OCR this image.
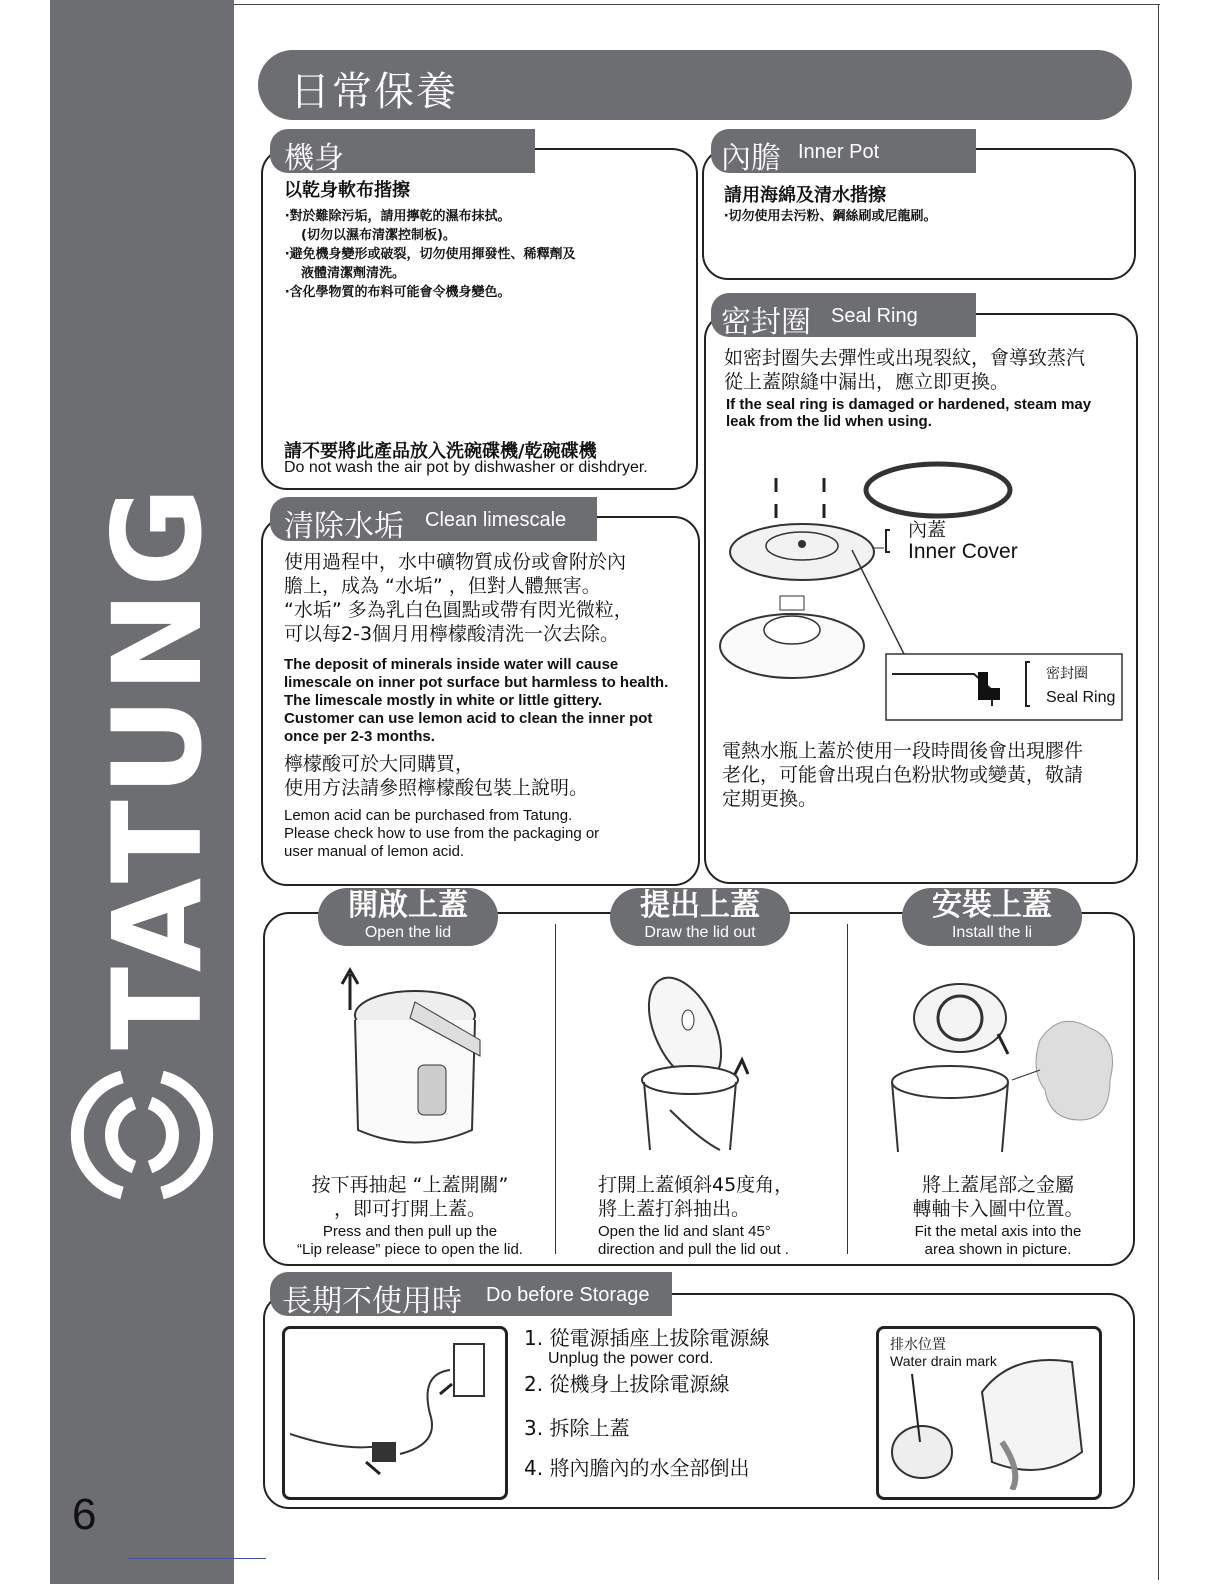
TATUNG
6
日常保養
機身
以乾身軟布揩擦
‧對於難除污垢，請用擰乾的濕布抹拭。
(切勿以濕布清潔控制板)。
‧避免機身變形或破裂，切勿使用揮發性、稀釋劑及
液體清潔劑清洗。
‧含化學物質的布料可能會令機身變色。
請不要將此產品放入洗碗碟機/乾碗碟機
Do not wash the air pot by dishwasher or dishdryer.
內膽 Inner Pot
請用海綿及清水揩擦
‧切勿使用去污粉、鋼絲刷或尼龍刷。
密封圈 Seal Ring
如密封圈失去彈性或出現裂紋，會導致蒸汽
從上蓋隙縫中漏出，應立即更換。
If the seal ring is damaged or hardened, steam may
leak from the lid when using.
內蓋
Inner Cover
密封圈
Seal Ring
電熱水瓶上蓋於使用一段時間後會出現膠件
老化，可能會出現白色粉狀物或變黃，敬請
定期更換。
清除水垢 Clean limescale
使用過程中，水中礦物質成份或會附於內
膽上，成為 “水垢” ，但對人體無害。
“水垢” 多為乳白色圓點或帶有閃光微粒，
可以每2-3個月用檸檬酸清洗一次去除。
The deposit of minerals inside water will cause
limescale on inner pot surface but harmless to health.
The limescale mostly in white or little gittery.
Customer can use lemon acid to clean the inner pot
once per 2-3 months.
檸檬酸可於大同購買，
使用方法請參照檸檬酸包裝上說明。
Lemon acid can be purchased from Tatung.
Please check how to use from the packaging or
user manual of lemon acid.
開啟上蓋
Open the lid
提出上蓋
Draw the lid out
安裝上蓋
Install the li
按下再抽起 “上蓋開關”
，即可打開上蓋。
Press and then pull up the
“Lip release” piece to open the lid.
打開上蓋傾斜45度角，
將上蓋打斜抽出。
Open the lid and slant 45°
direction and pull the lid out .
將上蓋尾部之金屬
轉軸卡入圖中位置。
Fit the metal axis into the
area shown in picture.
長期不使用時 Do before Storage
1. 從電源插座上拔除電源線
Unplug the power cord.
2. 從機身上拔除電源線
3. 拆除上蓋
4. 將內膽內的水全部倒出
排水位置
Water drain mark
